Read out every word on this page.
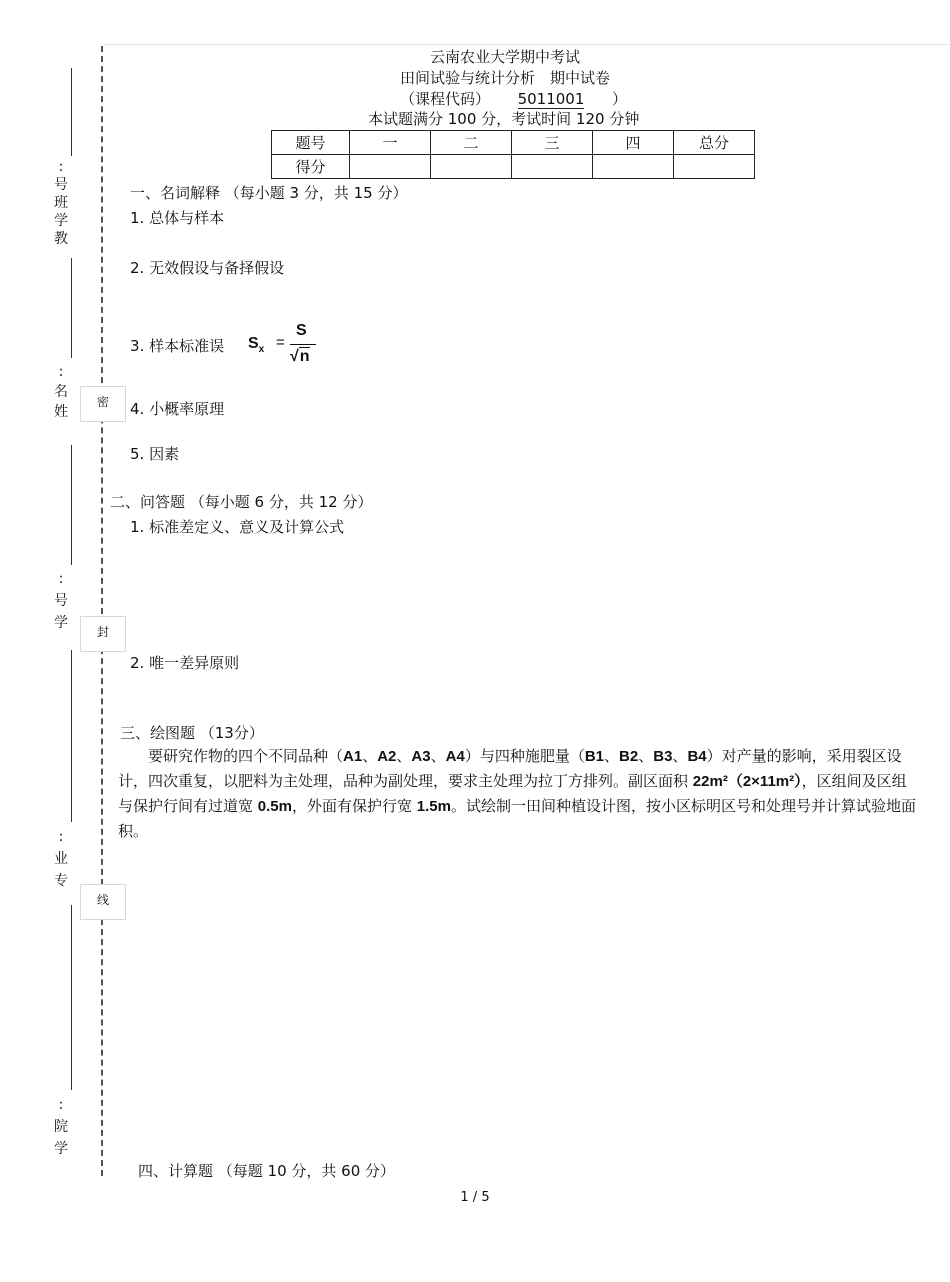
:号班学教
:名姓
:号学
:业专
:院学
密
封
线
云南农业大学期中考试
田间试验与统计分析　期中试卷
（课程代码） 5011001 ）
本试题满分 100 分，考试时间 120 分钟
题号	一	二	三	四	总分
得分					
一、名词解释 （每小题 3 分，共 15 分）
1. 总体与样本
2. 无效假设与备择假设
3. 样本标准误 $S_x$ =
S
√n
4. 小概率原理
5. 因素
二、问答题 （每小题 6 分，共 12 分）
1. 标准差定义、意义及计算公式
2. 唯一差异原则
三、绘图题 （13分）
　　要研究作物的四个不同品种（A1、A2、A3、A4）与四种施肥量（B1、B2、B3、B4）对产量的影响，采用裂区设计，四次重复，以肥料为主处理，品种为副处理，要求主处理为拉丁方排列。副区面积 22m²（2×11m²），区组间及区组与保护行间有过道宽 0.5m，外面有保护行宽 1.5m。试绘制一田间种植设计图，按小区标明区号和处理号并计算试验地面积。
四、计算题 （每题 10 分，共 60 分）
1 / 5
